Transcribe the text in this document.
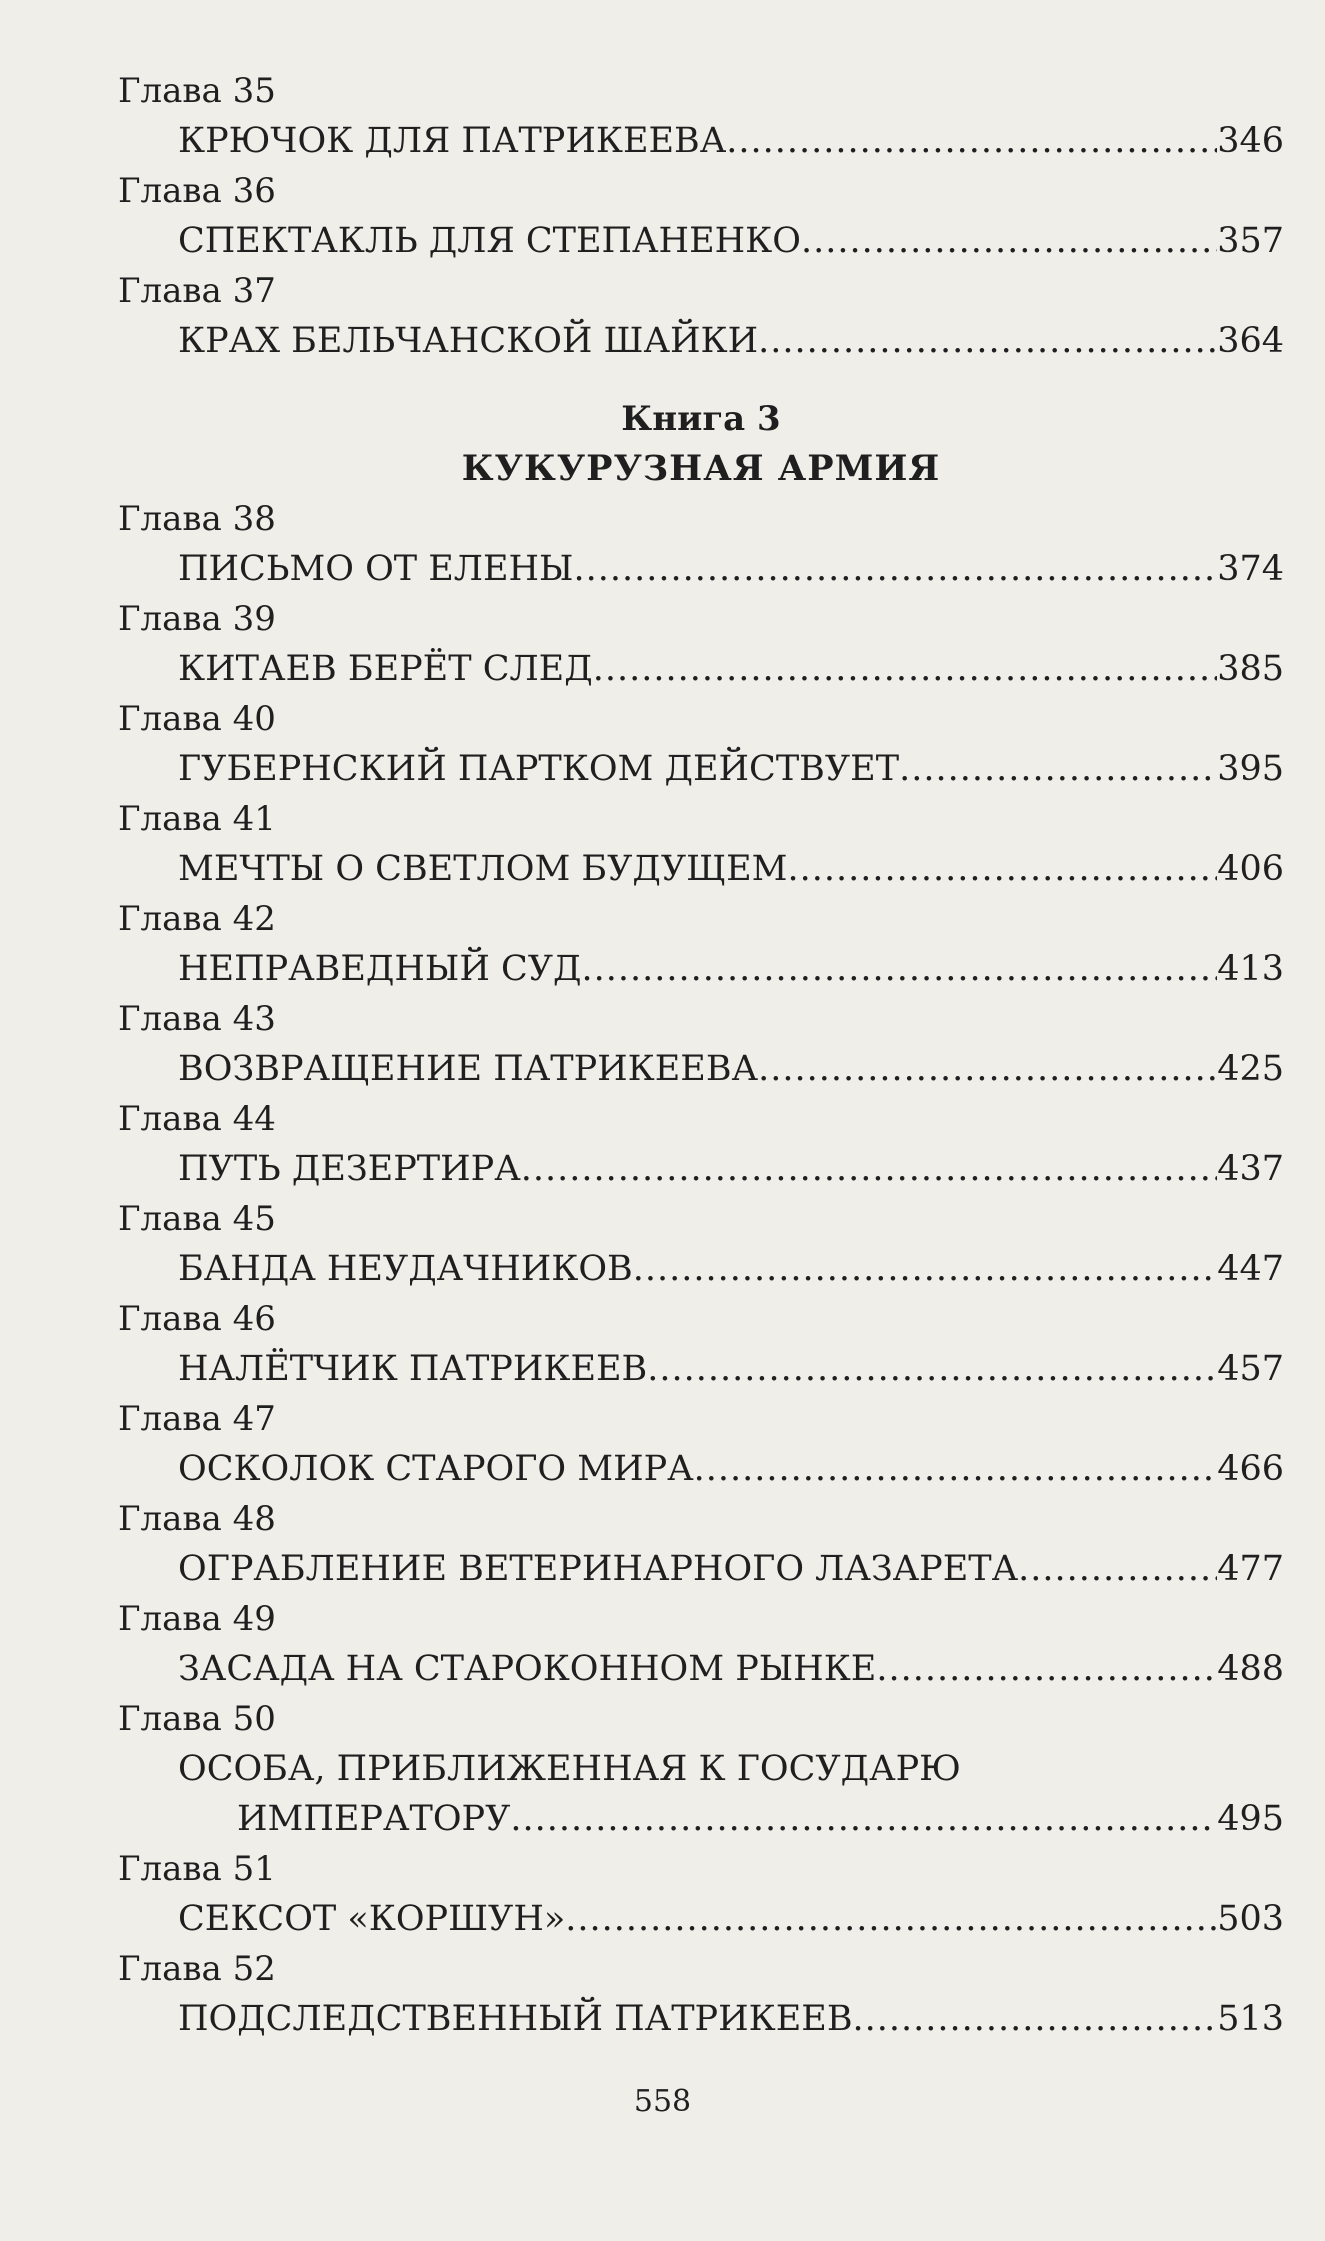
Глава 35
КРЮЧОК ДЛЯ ПАТРИКЕЕВА .....	346
Глава 36
СПЕКТАКЛЬ ДЛЯ СТЕПАНЕНКО .....	357
Глава 37
КРАХ БЕЛЬЧАНСКОЙ ШАЙКИ .....	364
Книга 3
КУКУРУЗНАЯ АРМИЯ
Глава 38
ПИСЬМО ОТ ЕЛЕНЫ .....	374
Глава 39
КИТАЕВ БЕРЁТ СЛЕД .....	385
Глава 40
ГУБЕРНСКИЙ ПАРТКОМ ДЕЙСТВУЕТ .....	395
Глава 41
МЕЧТЫ О СВЕТЛОМ БУДУЩЕМ .....	406
Глава 42
НЕПРАВЕДНЫЙ СУД .....	413
Глава 43
ВОЗВРАЩЕНИЕ ПАТРИКЕЕВА .....	425
Глава 44
ПУТЬ ДЕЗЕРТИРА .....	437
Глава 45
БАНДА НЕУДАЧНИКОВ .....	447
Глава 46
НАЛЁТЧИК ПАТРИКЕЕВ .....	457
Глава 47
ОСКОЛОК СТАРОГО МИРА .....	466
Глава 48
ОГРАБЛЕНИЕ ВЕТЕРИНАРНОГО ЛАЗАРЕТА .....	477
Глава 49
ЗАСАДА НА СТАРОКОННОМ РЫНКЕ .....	488
Глава 50
ОСОБА, ПРИБЛИЖЕННАЯ К ГОСУДАРЮ
ИМПЕРАТОРУ .....	495
Глава 51
СЕКСОТ «КОРШУН» .....	503
Глава 52
ПОДСЛЕДСТВЕННЫЙ ПАТРИКЕЕВ .....	513
558
